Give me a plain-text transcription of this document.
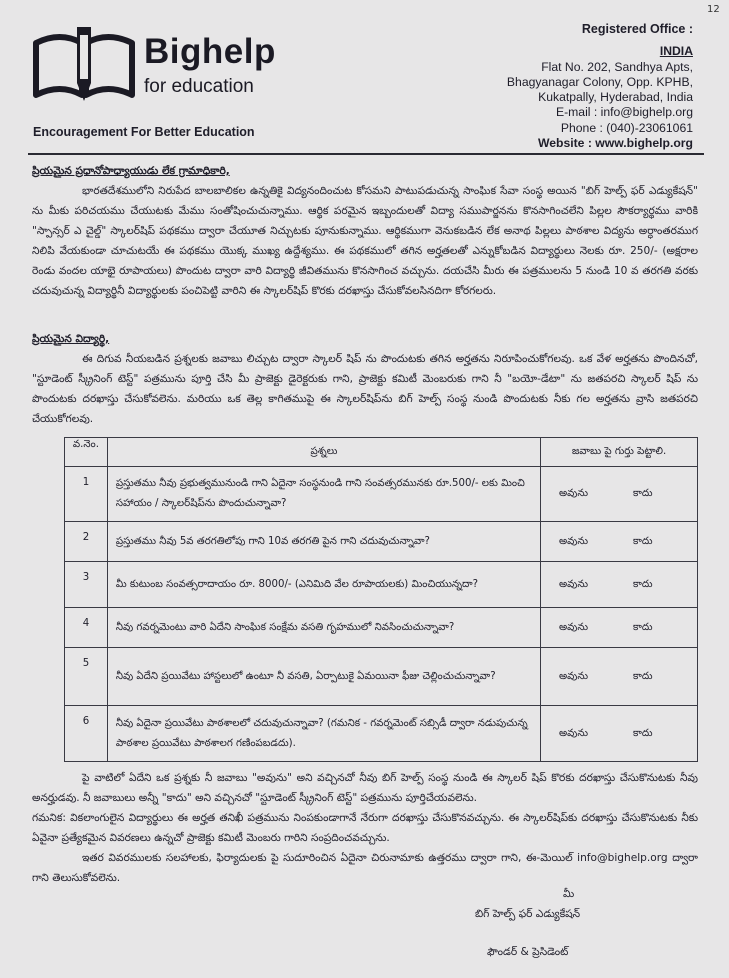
12
Bighelp
for education
Encouragement For Better Education
Registered Office :
INDIA
Flat No. 202, Sandhya Apts,
Bhagyanagar Colony, Opp. KPHB,
Kukatpally, Hyderabad, India
E-mail : info@bighelp.org
Phone : (040)-23061061
Website : www.bighelp.org
ప్రియమైన ప్రధానోపాధ్యాయుడు లేక గ్రామాధికారి,
భారతదేశములోని నిరుపేద బాలబాలికల ఉన్నతికై విద్యనందించుట కోసమని పాటుపడుచున్న సాంఘిక సేవా సంస్థ అయిన "బిగ్ హెల్ప్ ఫర్ ఎడ్యుకేషన్" ను మీకు పరిచయము చేయుటకు మేము సంతోషించుచున్నాము. ఆర్థిక పరమైన ఇబ్బందులతో విద్యా సముపార్జనను కొనసాగించలేని పిల్లల సౌకర్యార్థము వారికి "స్పాన్సర్ ఎ చైల్డ్" స్కాలర్‌షిప్ పథకము ద్వారా చేయూత నిచ్చుటకు పూనుకున్నాము. ఆర్థికముగా వెనుకబడిన లేక అనాథ పిల్లలు పాఠశాల విద్యను అర్ధాంతరముగ నిలిపి వేయకుండా చూచుటయే ఈ పథకము యొక్క ముఖ్య ఉద్దేశ్యము. ఈ పథకములో తగిన అర్హతలతో ఎన్నుకోబడిన విద్యార్థులు నెలకు రూ. 250/- (అక్షరాల రెండు వందల యాభై రూపాయలు) పొందుట ద్వారా వారి విద్యార్థి జీవితమును కొనసాగించ వచ్చును. దయచేసి మీరు ఈ పత్రములను 5 నుండి 10 వ తరగతి వరకు చదువుచున్న విద్యార్థినీ విద్యార్థులకు పంచిపెట్టి వారిని ఈ స్కాలర్‌షిప్ కొరకు దరఖాస్తు చేసుకోవలసినదిగా కోరగలరు.
ప్రియమైన విద్యార్థి,
ఈ దిగువ నీయబడిన ప్రశ్నలకు జవాబు లిచ్చుట ద్వారా స్కాలర్ షిప్ ను పొందుటకు తగిన అర్హతను నిరూపించుకోగలవు. ఒక వేళ అర్హతను పొందినచో, "స్టూడెంట్ స్క్రీనింగ్ టెస్ట్" పత్రమును పూర్తి చేసి మీ ప్రాజెక్టు డైరెక్టరుకు గాని, ప్రాజెక్టు కమిటీ మెంబరుకు గాని నీ "బయో-డేటా" ను జతపరచి స్కాలర్ షిప్ ను పొందుటకు దరఖాస్తు చేసుకోవలెను. మరియు ఒక తెల్ల కాగితముపై ఈ స్కాలర్‌షిప్‌ను బిగ్ హెల్ప్ సంస్థ నుండి పొందుటకు నీకు గల అర్హతను వ్రాసి జతపరచి చేయుకోగలవు.
వ.నెం.	ప్రశ్నలు	జవాబు పై గుర్తు పెట్టాలి.
1	ప్రస్తుతము నీవు ప్రభుత్వమునుండి గాని ఏదైనా సంస్థనుండి గాని సంవత్సరమునకు రూ.500/- లకు మించి సహాయం / స్కాలర్‌షిప్‌ను పొందుచున్నావా?	అవును కాదు

2	ప్రస్తుతము నీవు 5వ తరగతిలోపు గాని 10వ తరగతి పైన గాని చదువుచున్నావా?	అవును కాదు

3	మీ కుటుంబ సంవత్సరాదాయం రూ. 8000/- (ఎనిమిది వేల రూపాయలకు) మించియున్నదా?	అవును కాదు

4	నీవు గవర్నమెంటు వారి ఏదేని సాంఘిక సంక్షేమ వసతి గృహములో నివసించుచున్నావా?	అవును కాదు

5	నీవు ఏదేని ప్రయివేటు హాస్టలులో ఉంటూ నీ వసతి, ఏర్పాటుకై ఏమయినా ఫీజు చెల్లించుచున్నావా?	అవును కాదు

6	నీవు ఏదైనా ప్రయివేటు పాఠశాలలో చదువుచున్నావా? (గమనిక - గవర్నమెంట్ సబ్సిడీ ద్వారా నడుపుచున్న పాఠశాల ప్రయివేటు పాఠశాలగ గణింపబడదు).	అవును కాదు
పై వాటిలో ఏదేని ఒక ప్రశ్నకు నీ జవాబు "అవును" అని వచ్చినచో నీవు బిగ్ హెల్ప్ సంస్థ నుండి ఈ స్కాలర్ షిప్ కొరకు దరఖాస్తు చేసుకొనుటకు నీవు అనర్హుడవు. నీ జవాబులు అన్నీ "కాదు" అని వచ్చినచో "స్టూడెంట్ స్క్రీనింగ్ టెస్ట్" పత్రమును పూర్తిచేయవలెను.
గమనిక: వికలాంగులైన విద్యార్థులు ఈ అర్హత తనిఖీ పత్రమును నింపకుండాగానే నేరుగా దరఖాస్తు చేసుకొనవచ్చును. ఈ స్కాలర్‌షిప్‌కు దరఖాస్తు చేసుకొనుటకు నీకు ఏవైనా ప్రత్యేకమైన వివరణలు ఉన్నచో ప్రాజెక్టు కమిటీ మెంబరు గారిని సంప్రదించవచ్చును.
ఇతర వివరములకు సలహాలకు, ఫిర్యాదులకు పై సుదూరించిన ఏదైనా చిరునామాకు ఉత్తరము ద్వారా గాని, ఈ-మెయిల్ info@bighelp.org ద్వారా గాని తెలుసుకోవలెను.
మీ
బిగ్ హెల్ప్ ఫర్ ఎడ్యుకేషన్
ఫౌండర్ & ప్రెసిడెంట్
